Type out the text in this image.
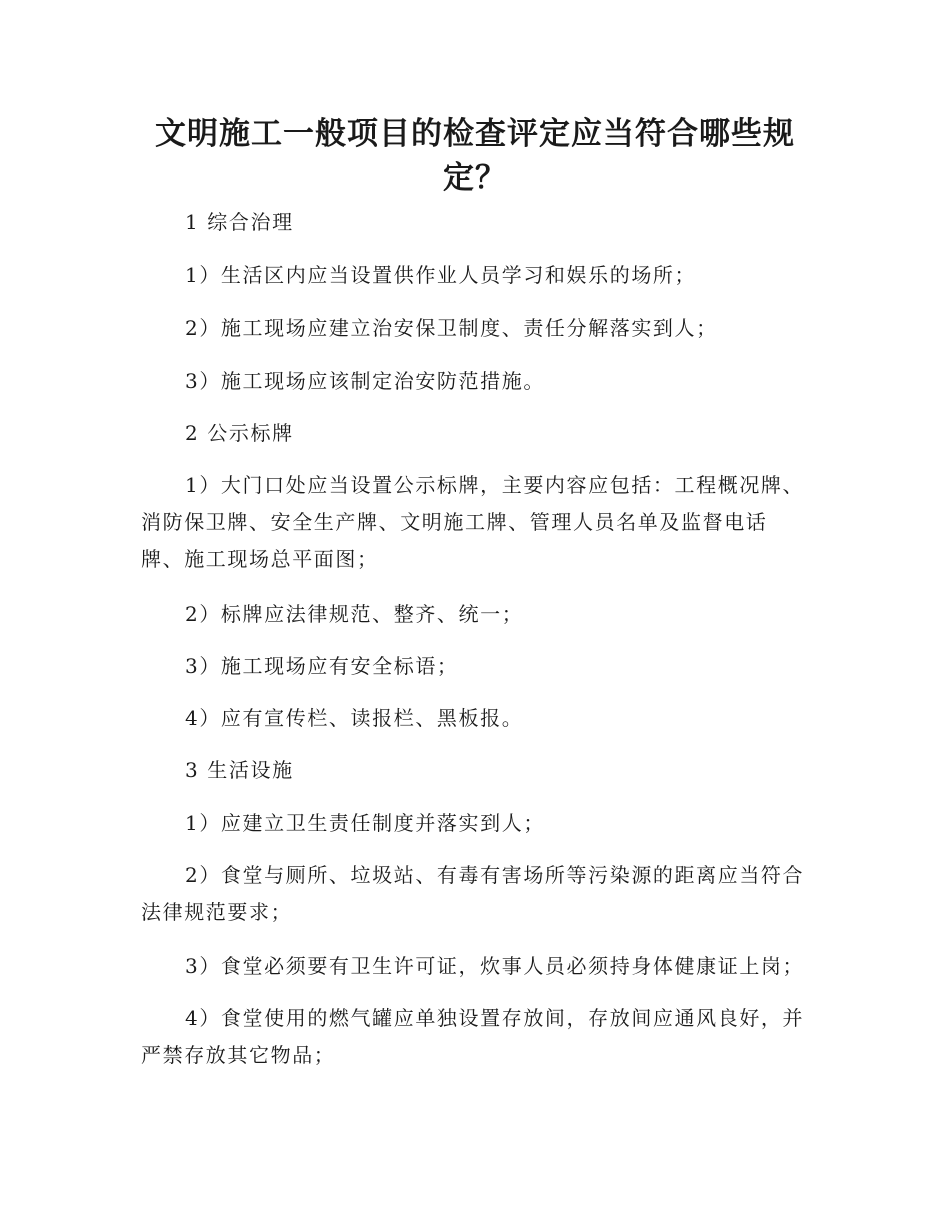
文明施工一般项目的检查评定应当符合哪些规定？

1 综合治理

1）生活区内应当设置供作业人员学习和娱乐的场所；

2）施工现场应建立治安保卫制度、责任分解落实到人；

3）施工现场应该制定治安防范措施。

2 公示标牌

1）大门口处应当设置公示标牌，主要内容应包括：工程概况牌、消防保卫牌、安全生产牌、文明施工牌、管理人员名单及监督电话牌、施工现场总平面图；

2）标牌应法律规范、整齐、统一；

3）施工现场应有安全标语；

4）应有宣传栏、读报栏、黑板报。

3 生活设施

1）应建立卫生责任制度并落实到人；

2）食堂与厕所、垃圾站、有毒有害场所等污染源的距离应当符合法律规范要求；

3）食堂必须要有卫生许可证，炊事人员必须持身体健康证上岗；

4）食堂使用的燃气罐应单独设置存放间，存放间应通风良好，并严禁存放其它物品；
